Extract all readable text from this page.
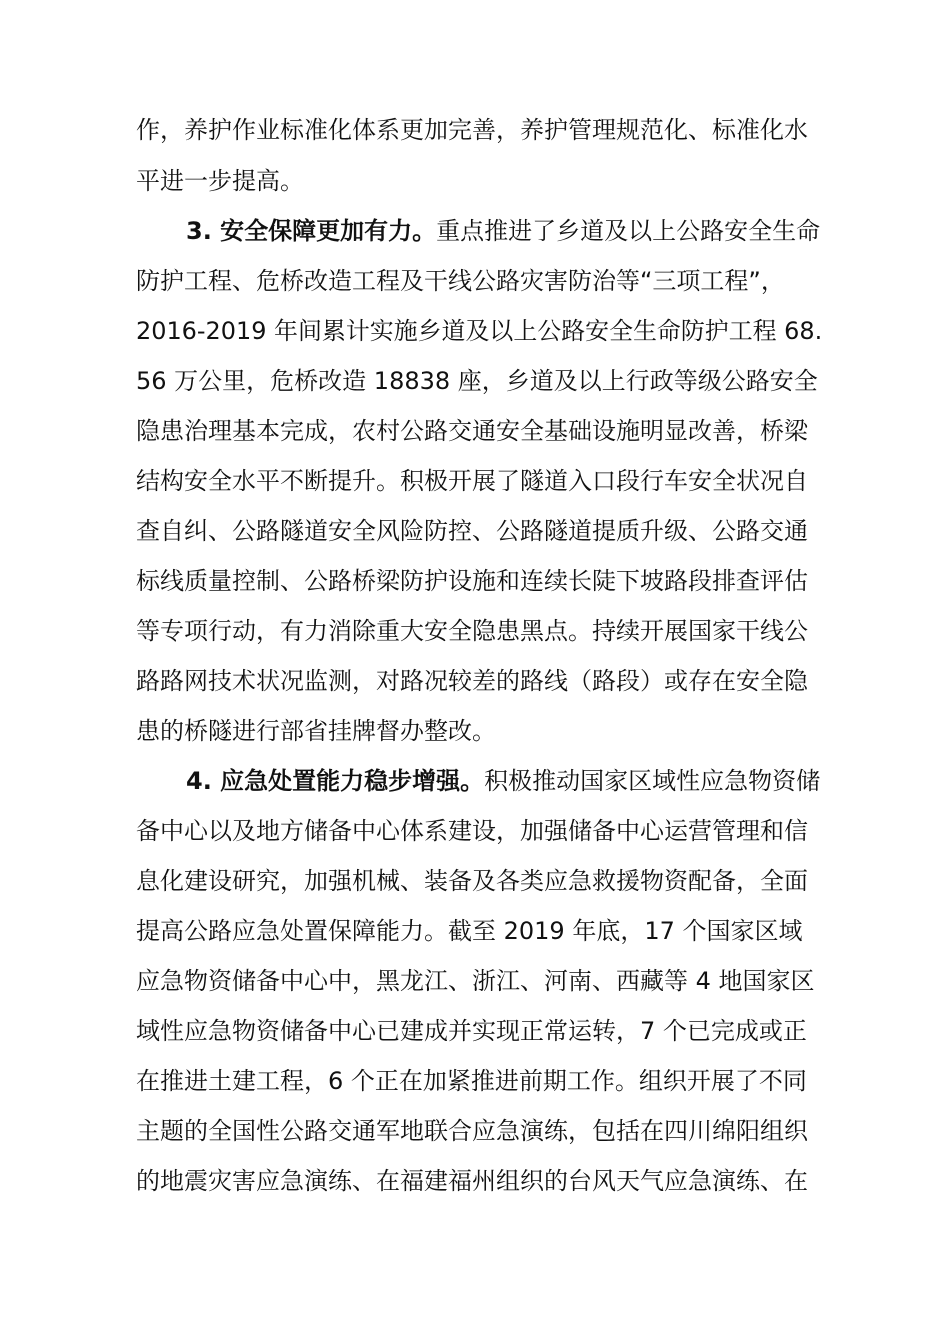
作，养护作业标准化体系更加完善，养护管理规范化、标准化水
平进一步提高。
3. 安全保障更加有力。重点推进了乡道及以上公路安全生命
防护工程、危桥改造工程及干线公路灾害防治等“三项工程”，
2016-2019 年间累计实施乡道及以上公路安全生命防护工程 68.
56 万公里，危桥改造 18838 座，乡道及以上行政等级公路安全
隐患治理基本完成，农村公路交通安全基础设施明显改善，桥梁
结构安全水平不断提升。积极开展了隧道入口段行车安全状况自
查自纠、公路隧道安全风险防控、公路隧道提质升级、公路交通
标线质量控制、公路桥梁防护设施和连续长陡下坡路段排查评估
等专项行动，有力消除重大安全隐患黑点。持续开展国家干线公
路路网技术状况监测，对路况较差的路线（路段）或存在安全隐
患的桥隧进行部省挂牌督办整改。
4. 应急处置能力稳步增强。积极推动国家区域性应急物资储
备中心以及地方储备中心体系建设，加强储备中心运营管理和信
息化建设研究，加强机械、装备及各类应急救援物资配备，全面
提高公路应急处置保障能力。截至 2019 年底，17 个国家区域
应急物资储备中心中，黑龙江、浙江、河南、西藏等 4 地国家区
域性应急物资储备中心已建成并实现正常运转，7 个已完成或正
在推进土建工程，6 个正在加紧推进前期工作。组织开展了不同
主题的全国性公路交通军地联合应急演练，包括在四川绵阳组织
的地震灾害应急演练、在福建福州组织的台风天气应急演练、在
